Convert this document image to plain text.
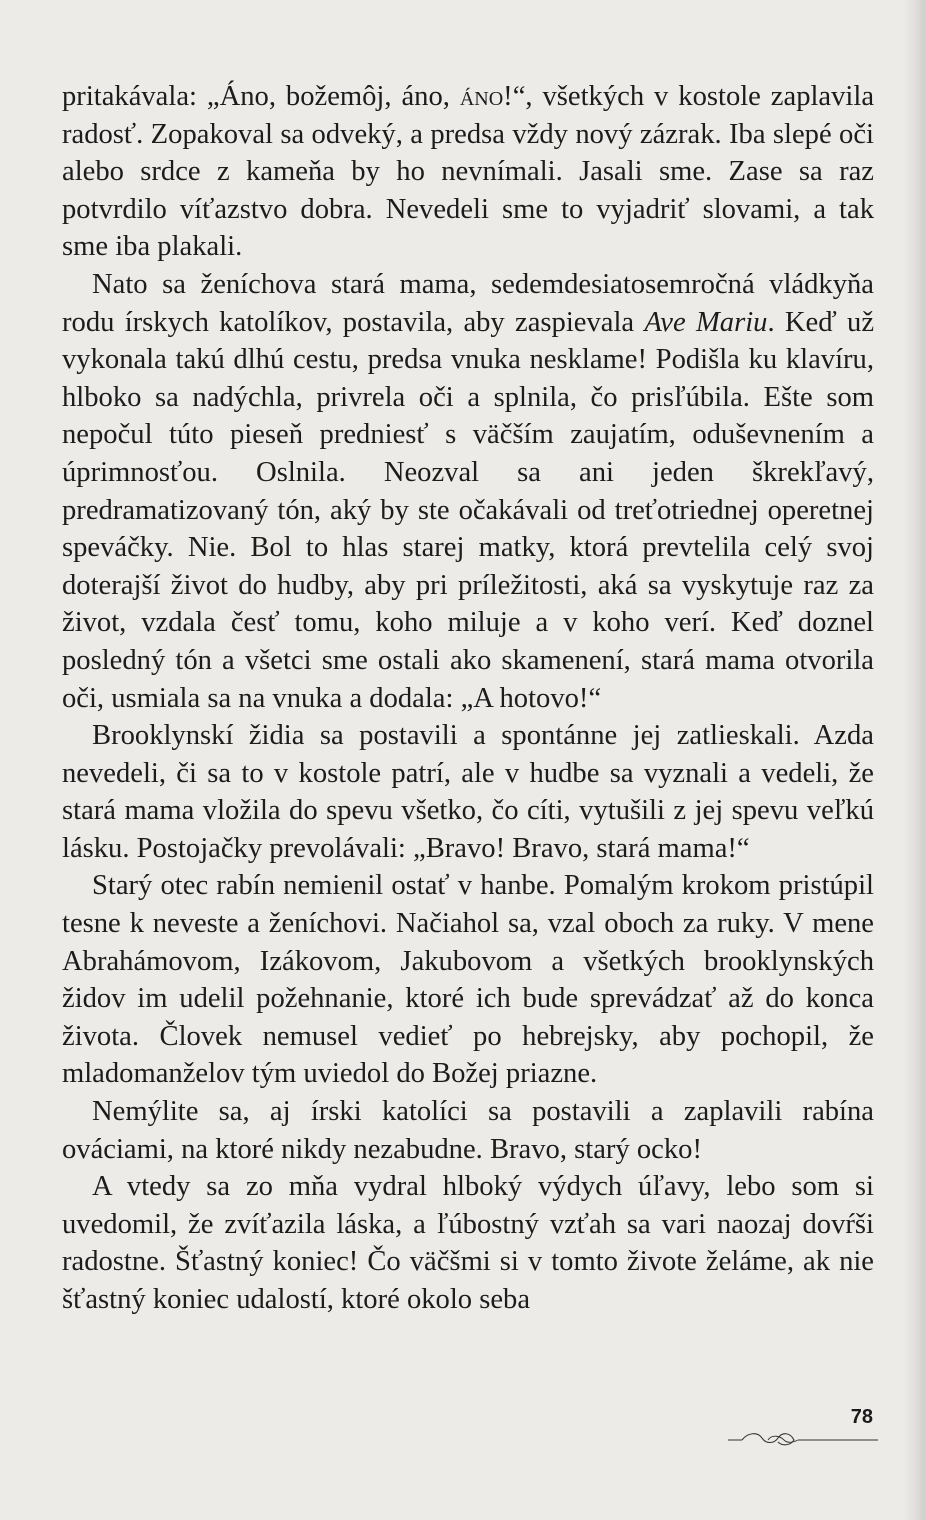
pritakávala: „Áno, božemôj, áno, áno!“, všetkých v kostole zaplavila radosť. Zopakoval sa odveký, a predsa vždy nový zázrak. Iba slepé oči alebo srdce z kameňa by ho nevnímali. Jasali sme. Zase sa raz potvrdilo víťazstvo dobra. Nevedeli sme to vyjadriť slovami, a tak sme iba plakali.

Nato sa ženíchova stará mama, sedemdesiatosemročná vládkyňa rodu írskych katolíkov, postavila, aby zaspievala Ave Mariu. Keď už vykonala takú dlhú cestu, predsa vnuka nesklame! Podišla ku klavíru, hlboko sa nadýchla, privrela oči a splnila, čo prisľúbila. Ešte som nepočul túto pieseň predniesť s väčším zaujatím, oduševnením a úprimnosťou. Oslnila. Neozval sa ani jeden škrekľavý, predramatizovaný tón, aký by ste očakávali od treťotriednej operetnej speváčky. Nie. Bol to hlas starej matky, ktorá prevtelila celý svoj doterajší život do hudby, aby pri príležitosti, aká sa vyskytuje raz za život, vzdala česť tomu, koho miluje a v koho verí. Keď doznel posledný tón a všetci sme ostali ako skamenení, stará mama otvorila oči, usmiala sa na vnuka a dodala: „A hotovo!“

Brooklynskí židia sa postavili a spontánne jej zatlieskali. Azda nevedeli, či sa to v kostole patrí, ale v hudbe sa vyznali a vedeli, že stará mama vložila do spevu všetko, čo cíti, vytušili z jej spevu veľkú lásku. Postojačky prevolávali: „Bravo! Bravo, stará mama!“

Starý otec rabín nemienil ostať v hanbe. Pomalým krokom pristúpil tesne k neveste a ženíchovi. Načiahol sa, vzal oboch za ruky. V mene Abrahámovom, Izákovom, Jakubovom a všetkých brooklynských židov im udelil požehnanie, ktoré ich bude sprevádzať až do konca života. Človek nemusel vedieť po hebrejsky, aby pochopil, že mladomanželov tým uviedol do Božej priazne.

Nemýlite sa, aj írski katolíci sa postavili a zaplavili rabína ováciami, na ktoré nikdy nezabudne. Bravo, starý ocko!

A vtedy sa zo mňa vydral hlboký výdych úľavy, lebo som si uvedomil, že zvíťazila láska, a ľúbostný vzťah sa vari naozaj dovŕši radostne. Šťastný koniec! Čo väčšmi si v tomto živote želáme, ak nie šťastný koniec udalostí, ktoré okolo seba

78
